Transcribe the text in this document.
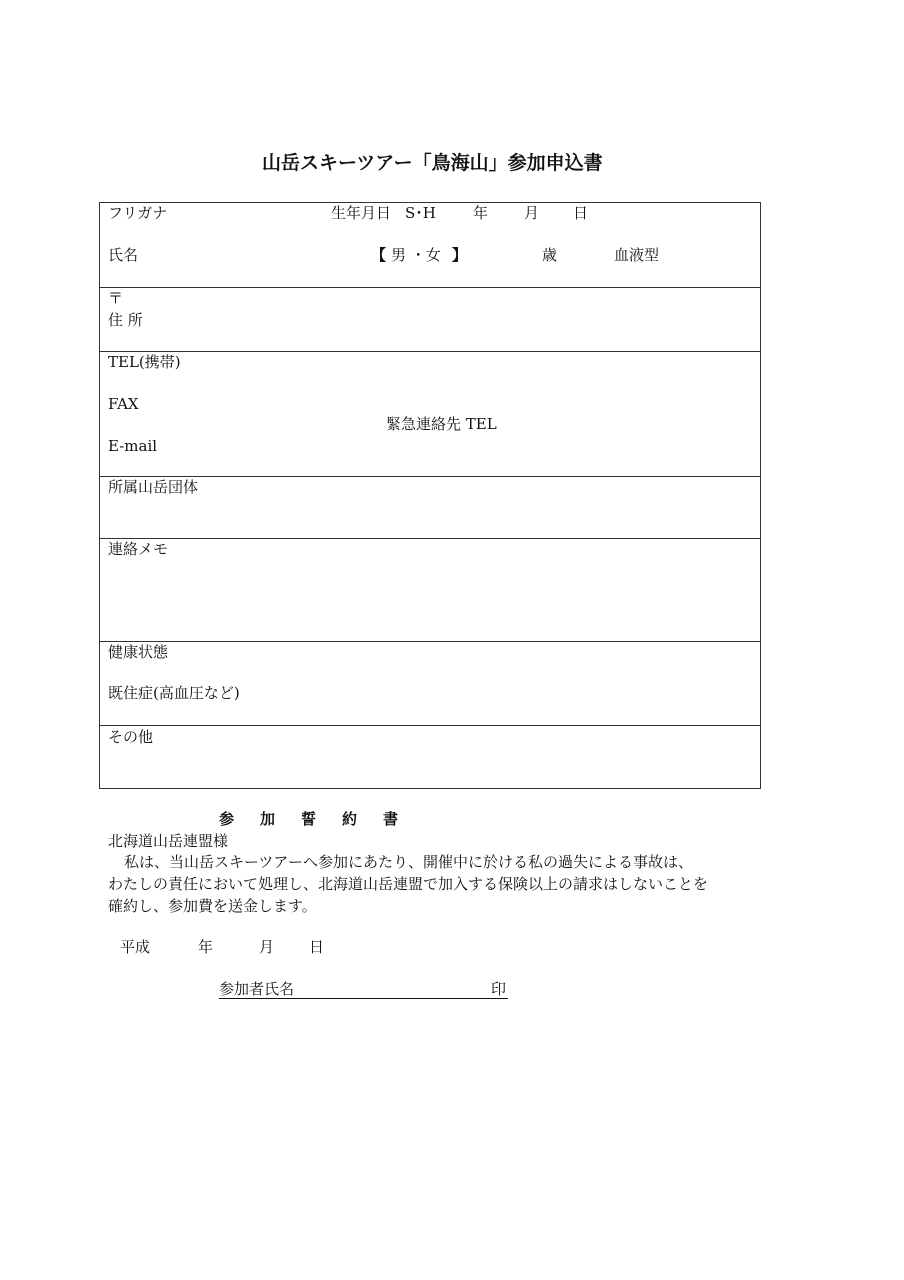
山岳スキーツアー「鳥海山」参加申込書
フリガナ	生年月日 S･H 年 月 日
氏名	【 男 ・女 】	歳	血液型
〒
住 所
TEL(携帯)
FAX
緊急連絡先 TEL
E-mail
所属山岳団体
連絡メモ
健康状態
既住症(高血圧など)
その他
参加誓約書
北海道山岳連盟様
私は、当山岳スキーツアーへ参加にあたり、開催中に於ける私の過失による事故は、
わたしの責任において処理し、北海道山岳連盟で加入する保険以上の請求はしないことを
確約し、参加費を送金します。
平成	年	月 日
参加者氏名	印
